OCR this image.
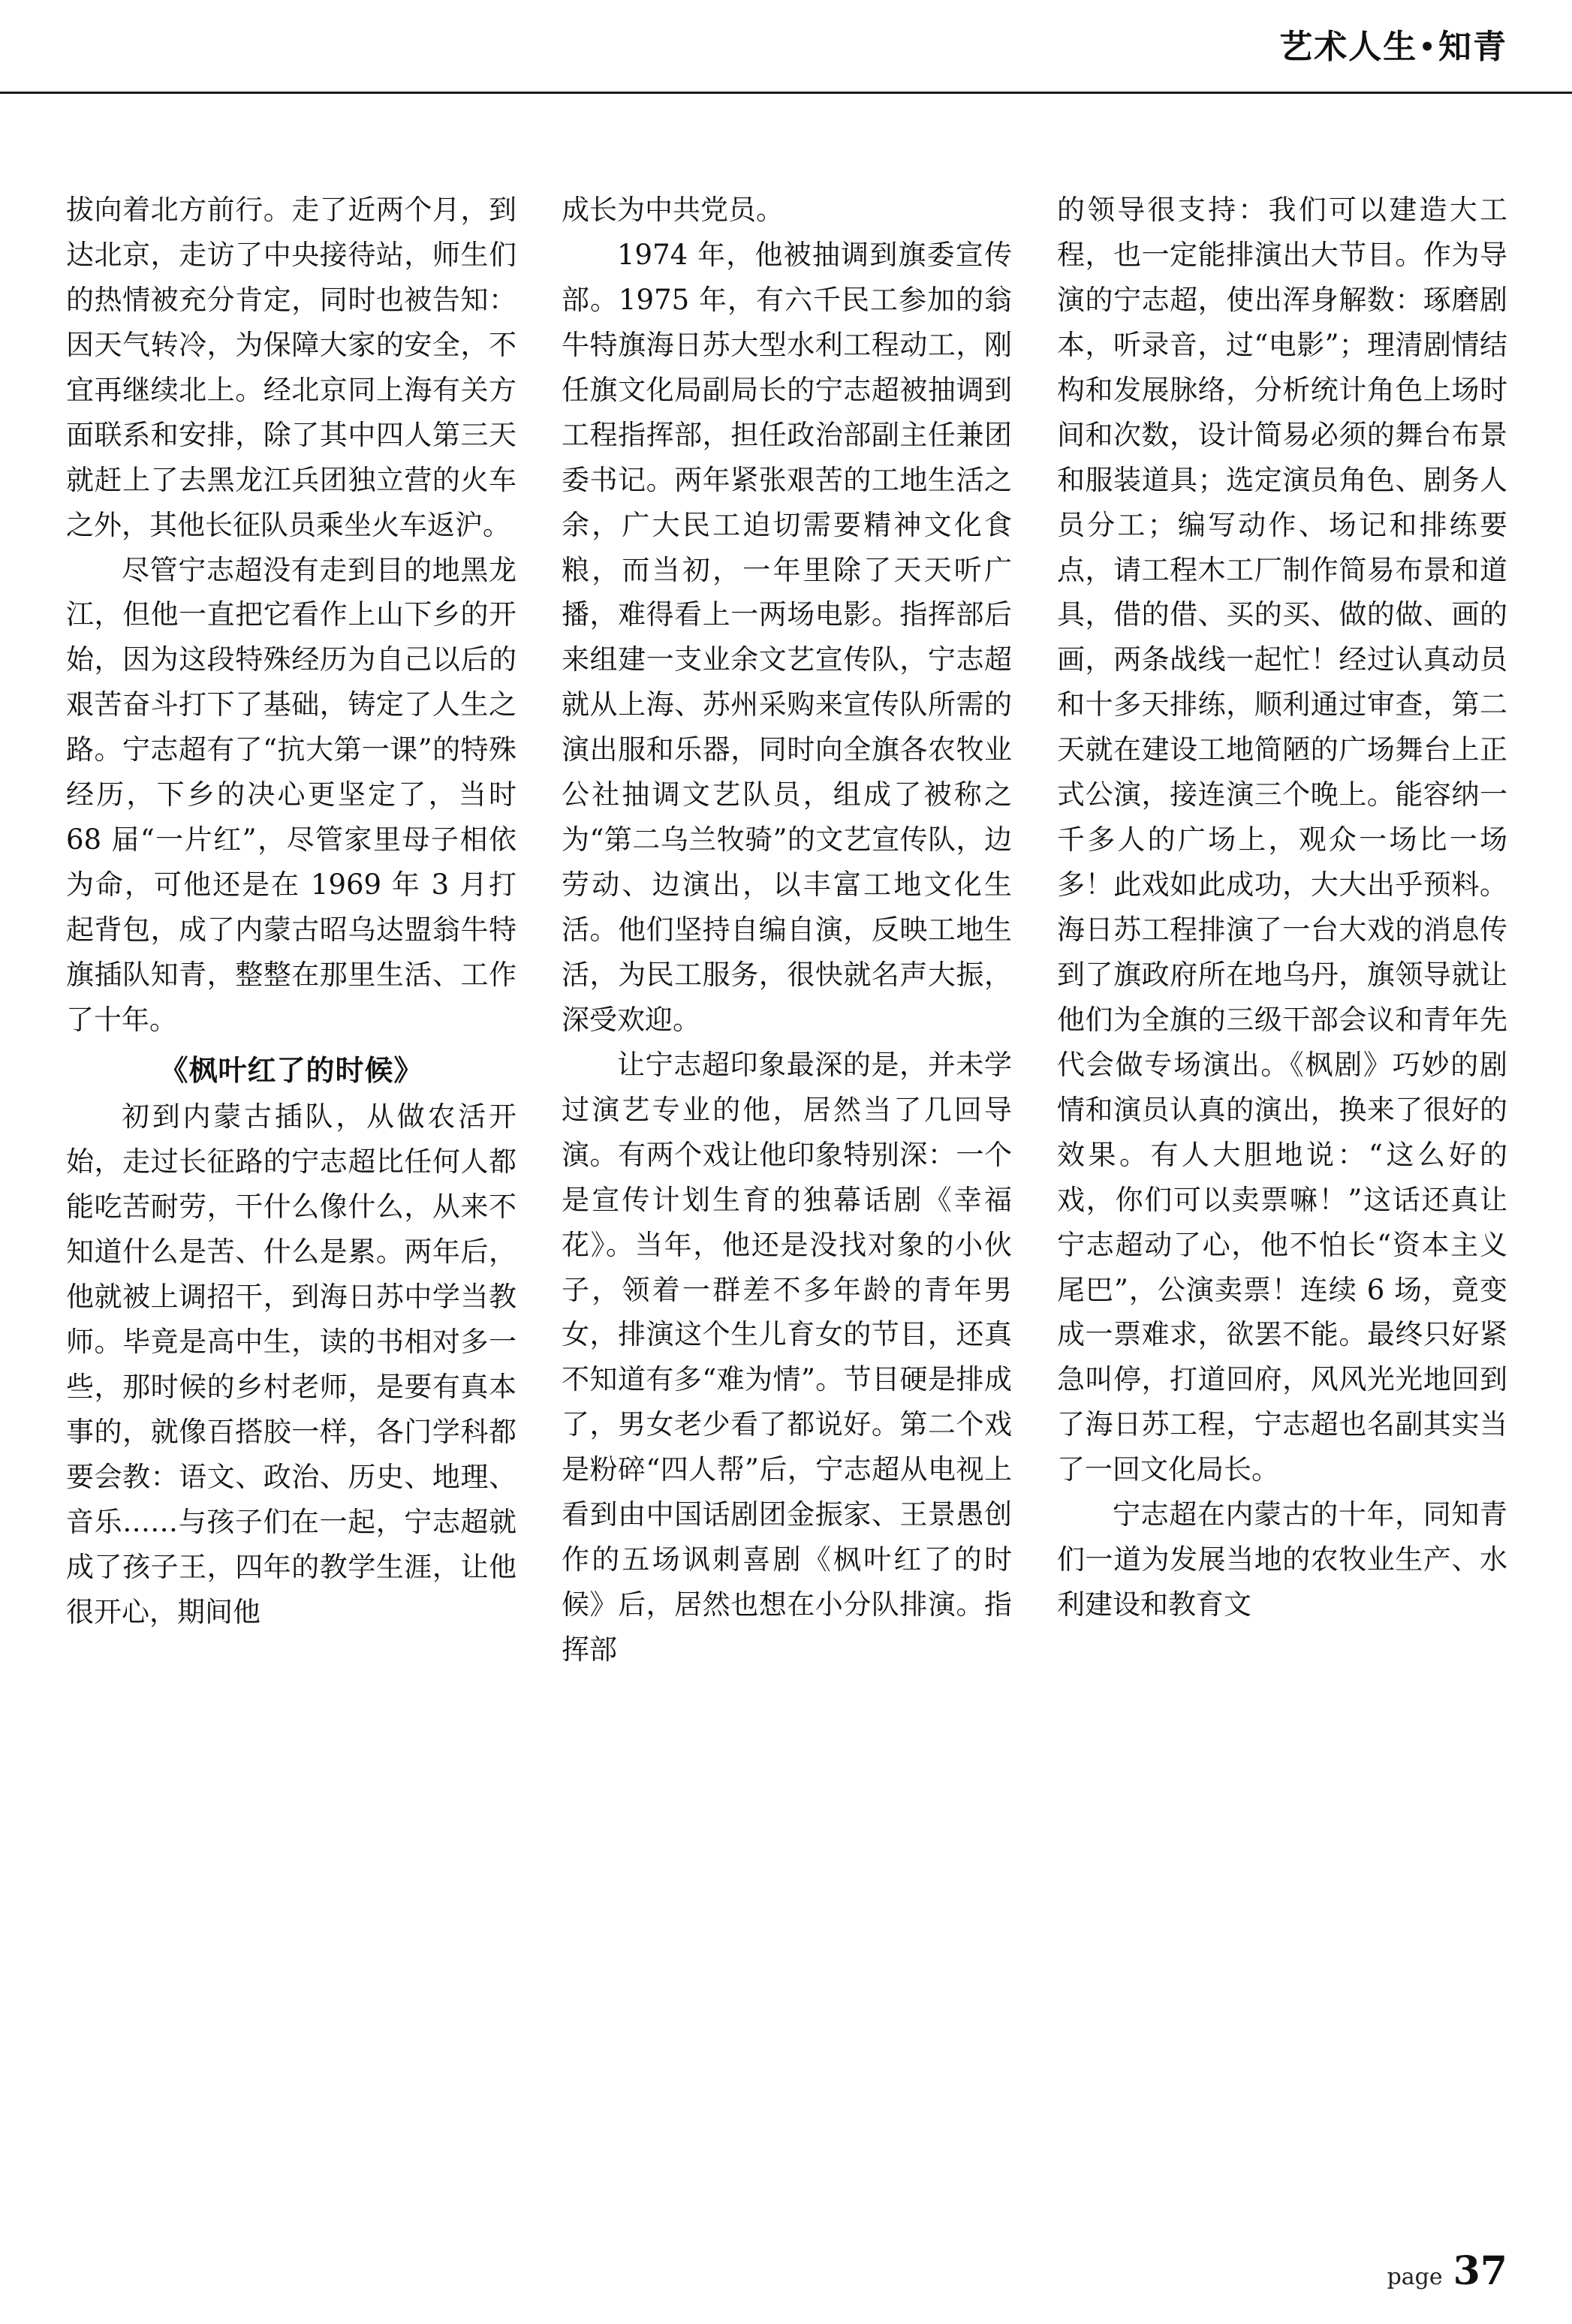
艺术人生•知青

拔向着北方前行。走了近两个月，到达北京，走访了中央接待站，师生们的热情被充分肯定，同时也被告知：因天气转冷，为保障大家的安全，不宜再继续北上。经北京同上海有关方面联系和安排，除了其中四人第三天就赶上了去黑龙江兵团独立营的火车之外，其他长征队员乘坐火车返沪。

尽管宁志超没有走到目的地黑龙江，但他一直把它看作上山下乡的开始，因为这段特殊经历为自己以后的艰苦奋斗打下了基础，铸定了人生之路。宁志超有了“抗大第一课”的特殊经历，下乡的决心更坚定了，当时 68 届“一片红”，尽管家里母子相依为命，可他还是在 1969 年 3 月打起背包，成了内蒙古昭乌达盟翁牛特旗插队知青，整整在那里生活、工作了十年。

《枫叶红了的时候》

初到内蒙古插队，从做农活开始，走过长征路的宁志超比任何人都能吃苦耐劳，干什么像什么，从来不知道什么是苦、什么是累。两年后，他就被上调招干，到海日苏中学当教师。毕竟是高中生，读的书相对多一些，那时候的乡村老师，是要有真本事的，就像百搭胶一样，各门学科都要会教：语文、政治、历史、地理、音乐……与孩子们在一起，宁志超就成了孩子王，四年的教学生涯，让他很开心，期间他

成长为中共党员。

1974 年，他被抽调到旗委宣传部。1975 年，有六千民工参加的翁牛特旗海日苏大型水利工程动工，刚任旗文化局副局长的宁志超被抽调到工程指挥部，担任政治部副主任兼团委书记。两年紧张艰苦的工地生活之余，广大民工迫切需要精神文化食粮，而当初，一年里除了天天听广播，难得看上一两场电影。指挥部后来组建一支业余文艺宣传队，宁志超就从上海、苏州采购来宣传队所需的演出服和乐器，同时向全旗各农牧业公社抽调文艺队员，组成了被称之为“第二乌兰牧骑”的文艺宣传队，边劳动、边演出，以丰富工地文化生活。他们坚持自编自演，反映工地生活，为民工服务，很快就名声大振，深受欢迎。

让宁志超印象最深的是，并未学过演艺专业的他，居然当了几回导演。有两个戏让他印象特别深：一个是宣传计划生育的独幕话剧《幸福花》。当年，他还是没找对象的小伙子，领着一群差不多年龄的青年男女，排演这个生儿育女的节目，还真不知道有多“难为情”。节目硬是排成了，男女老少看了都说好。第二个戏是粉碎“四人帮”后，宁志超从电视上看到由中国话剧团金振家、王景愚创作的五场讽刺喜剧《枫叶红了的时候》后，居然也想在小分队排演。指挥部

的领导很支持：我们可以建造大工程，也一定能排演出大节目。作为导演的宁志超，使出浑身解数：琢磨剧本，听录音，过“电影”；理清剧情结构和发展脉络，分析统计角色上场时间和次数，设计简易必须的舞台布景和服装道具；选定演员角色、剧务人员分工；编写动作、场记和排练要点，请工程木工厂制作简易布景和道具，借的借、买的买、做的做、画的画，两条战线一起忙！经过认真动员和十多天排练，顺利通过审查，第二天就在建设工地简陋的广场舞台上正式公演，接连演三个晚上。能容纳一千多人的广场上，观众一场比一场多！此戏如此成功，大大出乎预料。海日苏工程排演了一台大戏的消息传到了旗政府所在地乌丹，旗领导就让他们为全旗的三级干部会议和青年先代会做专场演出。《枫剧》巧妙的剧情和演员认真的演出，换来了很好的效果。有人大胆地说：“这么好的戏，你们可以卖票嘛！”这话还真让宁志超动了心，他不怕长“资本主义尾巴”，公演卖票！连续 6 场，竟变成一票难求，欲罢不能。最终只好紧急叫停，打道回府，风风光光地回到了海日苏工程，宁志超也名副其实当了一回文化局长。

宁志超在内蒙古的十年，同知青们一道为发展当地的农牧业生产、水利建设和教育文

page 37
